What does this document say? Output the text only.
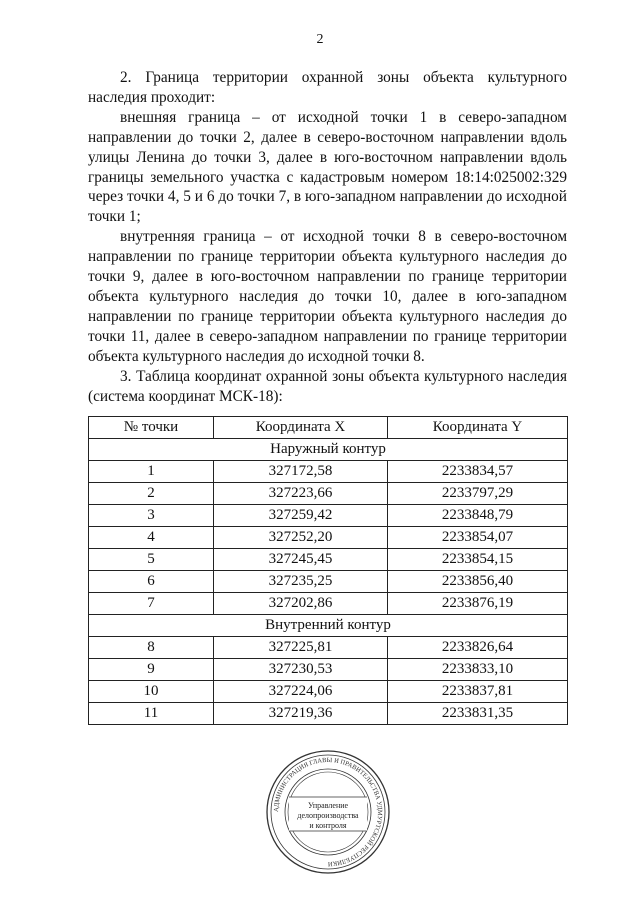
2

2. Граница территории охранной зоны объекта культурного наследия проходит:

внешняя граница – от исходной точки 1 в северо-западном направлении до точки 2, далее в северо-восточном направлении вдоль улицы Ленина до точки 3, далее в юго-восточном направлении вдоль границы земельного участка с кадастровым номером 18:14:025002:329 через точки 4, 5 и 6 до точки 7, в юго-западном направлении до исходной точки 1;

внутренняя граница – от исходной точки 8 в северо-восточном направлении по границе территории объекта культурного наследия до точки 9, далее в юго-восточном направлении по границе территории объекта культурного наследия до точки 10, далее в юго-западном направлении по границе территории объекта культурного наследия до точки 11, далее в северо-западном направлении по границе территории объекта культурного наследия до исходной точки 8.

3. Таблица координат охранной зоны объекта культурного наследия (система координат МСК-18):

№ точки	Координата X	Координата Y
Наружный контур		
1	327172,58	2233834,57
2	327223,66	2233797,29
3	327259,42	2233848,79
4	327252,20	2233854,07
5	327245,45	2233854,15
6	327235,25	2233856,40
7	327202,86	2233876,19
Внутренний контур		
8	327225,81	2233826,64
9	327230,53	2233833,10
10	327224,06	2233837,81
11	327219,36	2233831,35
АДМИНИСТРАЦИЯ ГЛАВЫ И ПРАВИТЕЛЬСТВА УДМУРТСКОЙ РЕСПУБЛИКИ
Управление
делопроизводства
и контроля
